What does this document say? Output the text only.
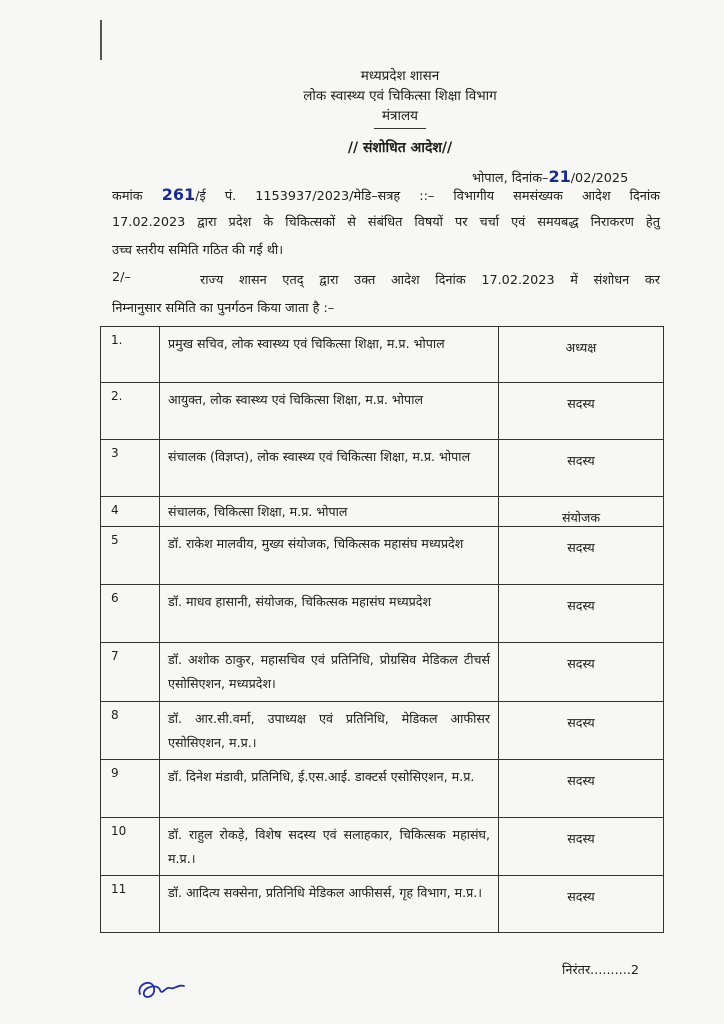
मध्यप्रदेश शासन
लोक स्वास्थ्य एवं चिकित्सा शिक्षा विभाग
मंत्रालय
// संशोधित आदेश//
भोपाल, दिनांक–21/02/2025
कमांक 261/ई पं. 1153937/2023/मेडि–सत्रह ::– विभागीय समसंख्यक आदेश दिनांक
17.02.2023 द्वारा प्रदेश के चिकित्सकों से संबंधित विषयों पर चर्चा एवं समयबद्ध निराकरण हेतु
उच्च स्तरीय समिति गठित की गई थी।
2/–	राज्य शासन एतद् द्वारा उक्त आदेश दिनांक 17.02.2023 में संशोधन कर
निम्नानुसार समिति का पुनर्गठन किया जाता है :–
1.	प्रमुख सचिव, लोक स्वास्थ्य एवं चिकित्सा शिक्षा, म.प्र. भोपाल	अध्यक्ष
2.	आयुक्त, लोक स्वास्थ्य एवं चिकित्सा शिक्षा, म.प्र. भोपाल	सदस्य
3	संचालक (विज्ञप्त), लोक स्वास्थ्य एवं चिकित्सा शिक्षा, म.प्र. भोपाल	सदस्य
4	संचालक, चिकित्सा शिक्षा, म.प्र. भोपाल	संयोजक
5	डॉ. राकेश मालवीय, मुख्य संयोजक, चिकित्सक महासंघ मध्यप्रदेश	सदस्य
6	डॉ. माधव हासानी, संयोजक, चिकित्सक महासंघ मध्यप्रदेश	सदस्य
7	डॉ. अशोक ठाकुर, महासचिव एवं प्रतिनिधि, प्रोग्रसिव मेडिकल टीचर्स एसोसिएशन, मध्यप्रदेश।	सदस्य
8	डॉ. आर.सी.वर्मा, उपाध्यक्ष एवं प्रतिनिधि, मेडिकल आफीसर एसोसिएशन, म.प्र.।	सदस्य
9	डॉ. दिनेश मंडावी, प्रतिनिधि, ई.एस.आई. डाक्टर्स एसोसिएशन, म.प्र.	सदस्य
10	डॉ. राहुल रोकड़े, विशेष सदस्य एवं सलाहकार, चिकित्सक महासंघ, म.प्र.।	सदस्य
11	डॉ. आदित्य सक्सेना, प्रतिनिधि मेडिकल आफीसर्स, गृह विभाग, म.प्र.।	सदस्य
निरंतर..........2
